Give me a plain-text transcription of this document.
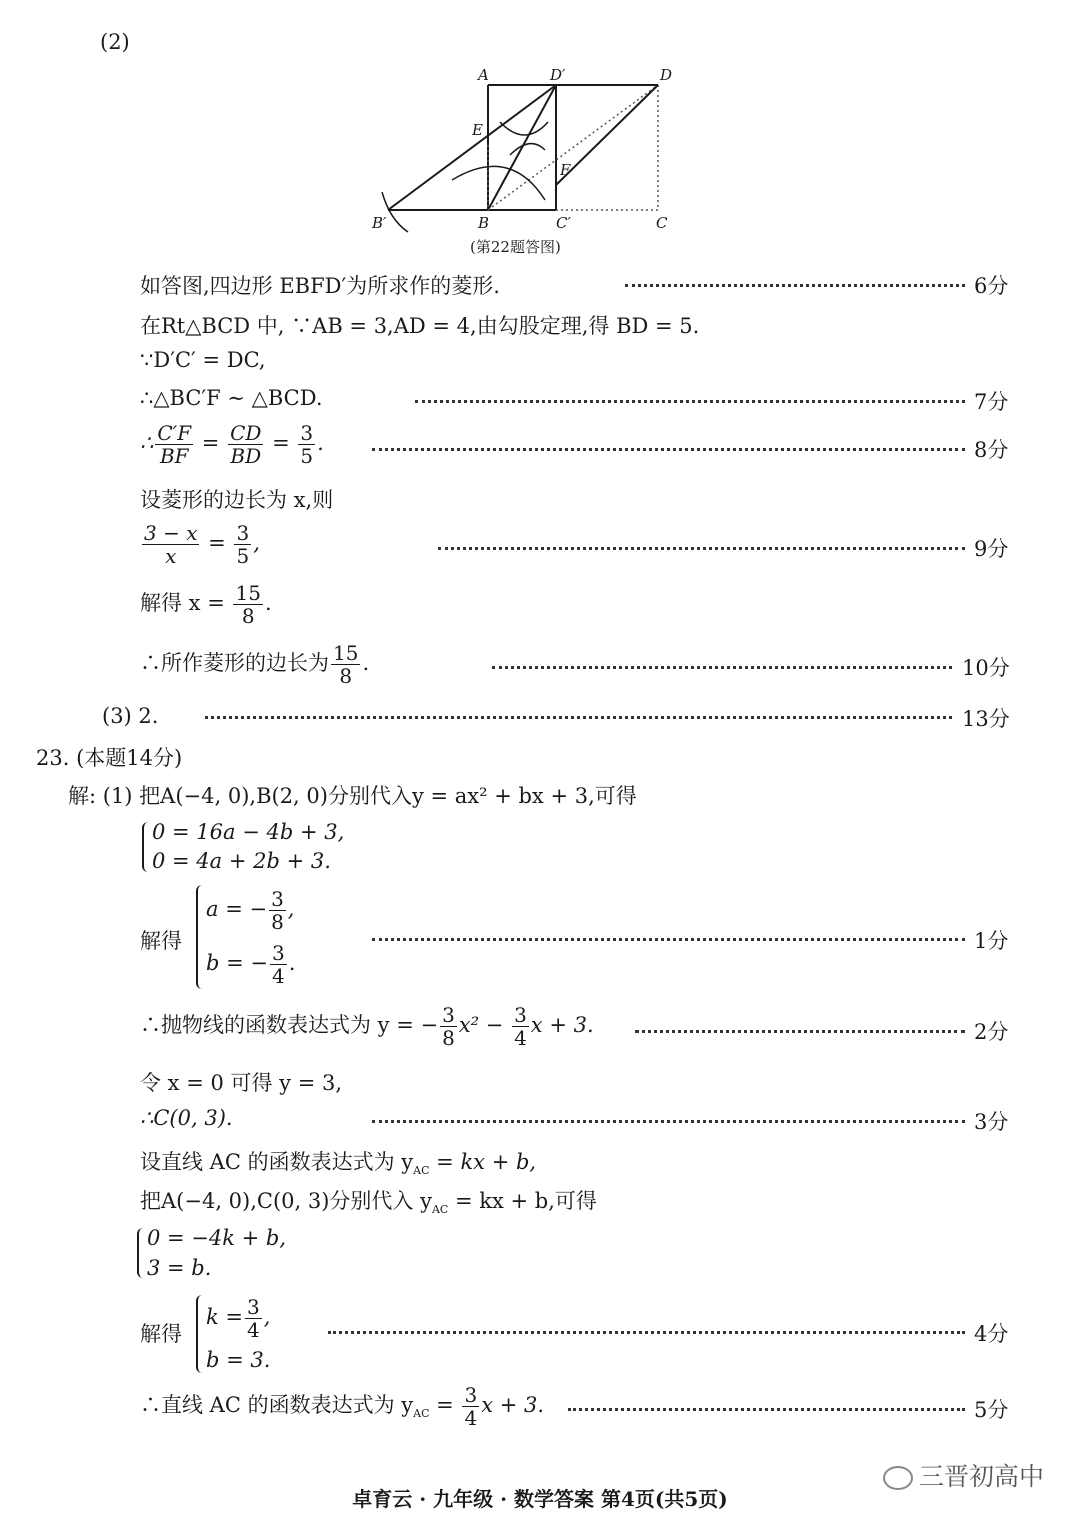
(2)
A	D′	D
E
F
B′	B	C′	C
(第22题答图)
如答图,四边形 EBFD′为所求作的菱形.	6分
在Rt△BCD 中, ∵AB = 3,AD = 4,由勾股定理,得 BD = 5.
∵D′C′ = DC,
∴△BC′F ∼ △BCD.	7分
∴ $\frac{C'F}{BF} = \frac{CD}{BD} = \frac{3}{5}$ .	8分
设菱形的边长为 x,则
$\frac{3 - x}{x} = \frac{3}{5}$ ,	9分
解得 $x = \frac{15}{8}$ .
∴所作菱形的边长为 $\frac{15}{8}$ .	10分
(3) 2.	13分
23. (本题14分)
解: (1) 把A(−4, 0),B(2, 0)分别代入y = ax² + bx + 3,可得
0 = 16a − 4b + 3,
0 = 4a + 2b + 3.
解得
a = − $\frac{3}{8}$ ,
b = − $\frac{3}{4}$ .
1分
∴抛物线的函数表达式为 y = − $\frac{3}{8} x^2 - \frac{3}{4}$ x + 3.	2分
令 x = 0 可得 y = 3,
∴C(0, 3).	3分
设直线 AC 的函数表达式为 $y_{AC}$ = kx + b,
把A(−4, 0),C(0, 3)分别代入 $y_{AC}$ = kx + b,可得
0 = −4k + b,
3 = b.
解得
$k = \frac{3}{4}$ ,
b = 3.
4分
∴直线 AC 的函数表达式为 $y_{AC} = \frac{3}{4}$ x + 3.	5分
卓育云 · 九年级 · 数学答案 第4页(共5页)
三晋初高中
